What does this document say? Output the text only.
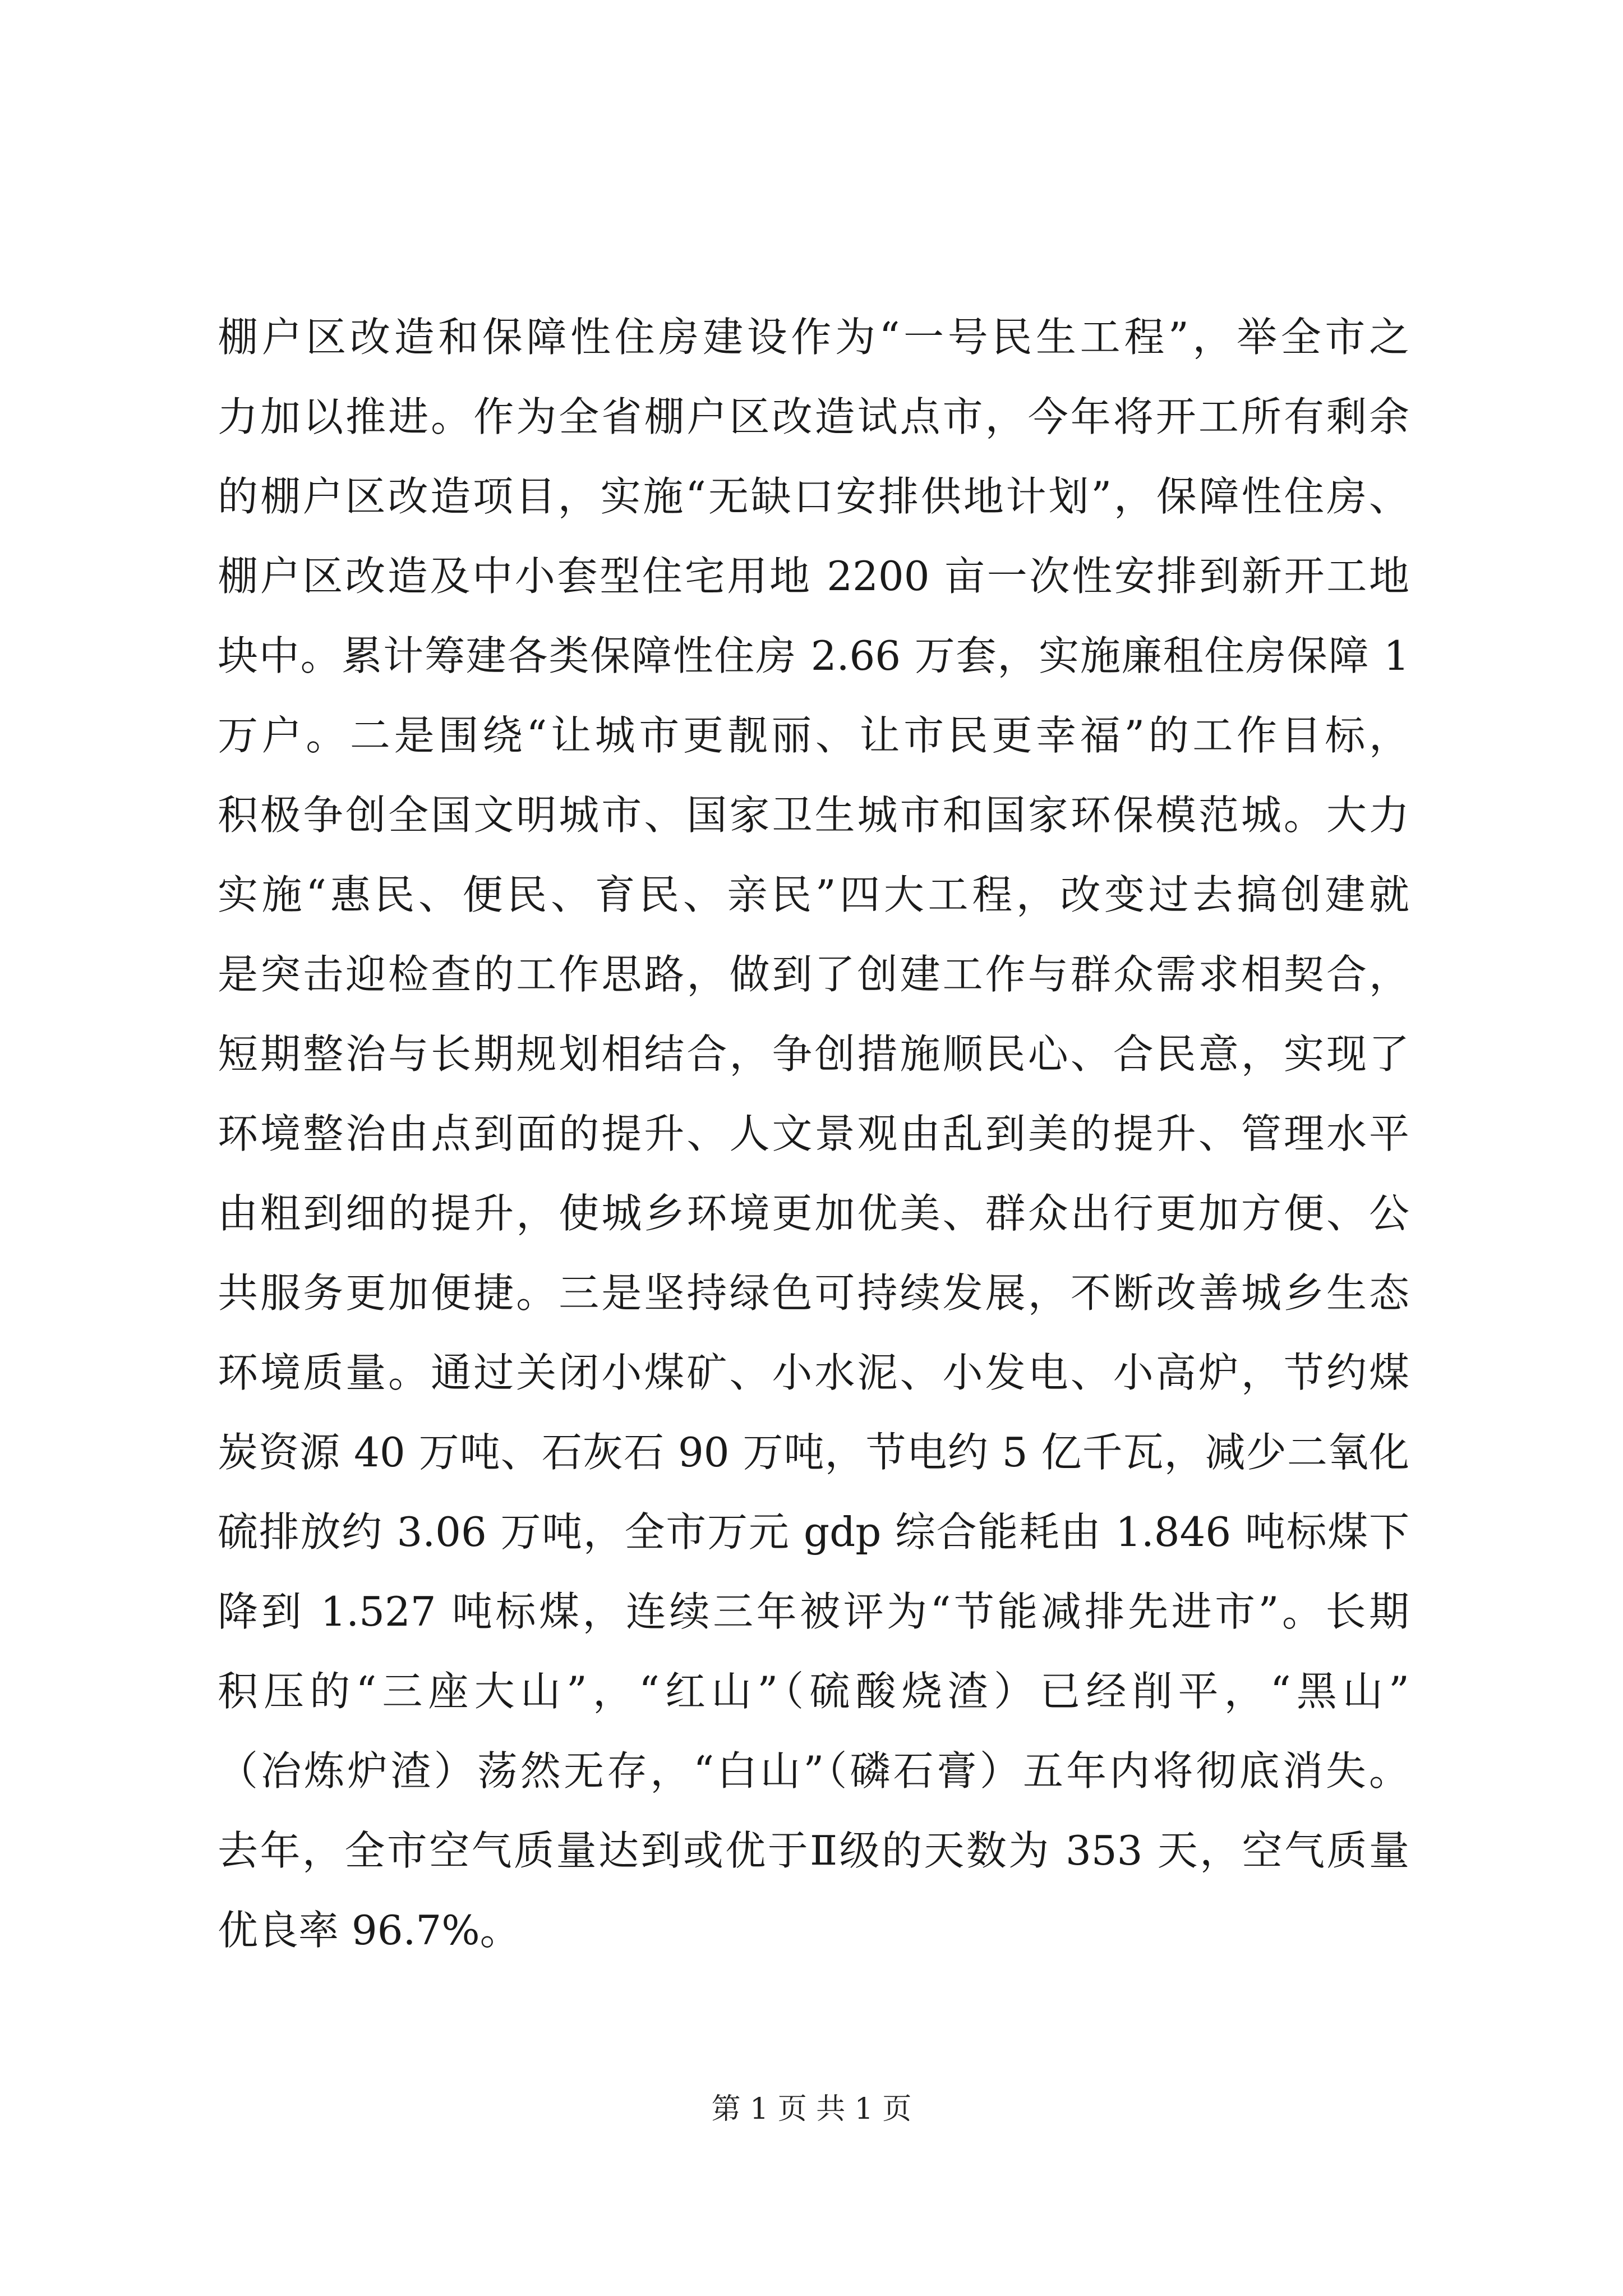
棚户区改造和保障性住房建设作为“一号民生工程”，举全市之
力加以推进。作为全省棚户区改造试点市，今年将开工所有剩余
的棚户区改造项目，实施“无缺口安排供地计划”，保障性住房、
棚户区改造及中小套型住宅用地 2200 亩一次性安排到新开工地
块中。累计筹建各类保障性住房 2.66 万套，实施廉租住房保障 1
万户。二是围绕“让城市更靓丽、让市民更幸福”的工作目标，
积极争创全国文明城市、国家卫生城市和国家环保模范城。大力
实施“惠民、便民、育民、亲民”四大工程，改变过去搞创建就
是突击迎检查的工作思路，做到了创建工作与群众需求相契合，
短期整治与长期规划相结合，争创措施顺民心、合民意，实现了
环境整治由点到面的提升、人文景观由乱到美的提升、管理水平
由粗到细的提升，使城乡环境更加优美、群众出行更加方便、公
共服务更加便捷。三是坚持绿色可持续发展，不断改善城乡生态
环境质量。通过关闭小煤矿、小水泥、小发电、小高炉，节约煤
炭资源 40 万吨、石灰石 90 万吨，节电约 5 亿千瓦，减少二氧化
硫排放约 3.06 万吨，全市万元 gdp 综合能耗由 1.846 吨标煤下
降到 1.527 吨标煤，连续三年被评为“节能减排先进市”。长期
积压的“三座大山”，“红山”（硫酸烧渣）已经削平，“黑山”
（冶炼炉渣）荡然无存，“白山”（磷石膏）五年内将彻底消失。
去年，全市空气质量达到或优于Ⅱ级的天数为 353 天，空气质量
优良率 96.7%。
第 1 页 共 1 页
